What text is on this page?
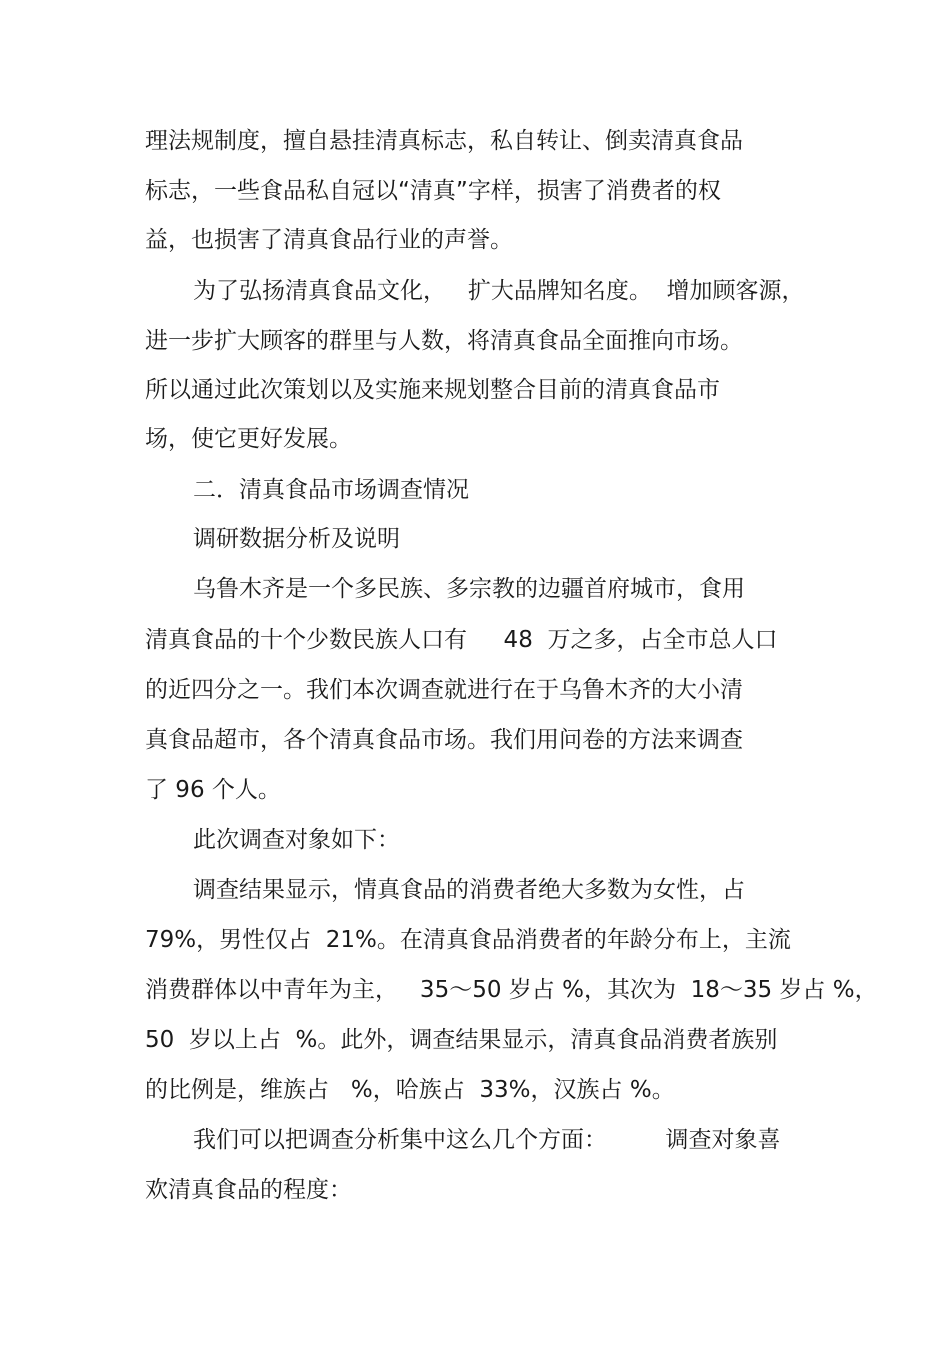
理法规制度，擅自悬挂清真标志，私自转让、倒卖清真食品
标志，一些食品私自冠以“清真”字样，损害了消费者的权
益，也损害了清真食品行业的声誉。
为了弘扬清真食品文化，   扩大品牌知名度。  增加顾客源，
进一步扩大顾客的群里与人数，将清真食品全面推向市场。
所以通过此次策划以及实施来规划整合目前的清真食品市
场，使它更好发展。
二．清真食品市场调查情况
调研数据分析及说明
乌鲁木齐是一个多民族、多宗教的边疆首府城市，食用
清真食品的十个少数民族人口有     48  万之多，占全市总人口
的近四分之一。我们本次调查就进行在于乌鲁木齐的大小清
真食品超市，各个清真食品市场。我们用问卷的方法来调查
了 96 个人。
此次调查对象如下：
调查结果显示，情真食品的消费者绝大多数为女性，占
79%，男性仅占  21%。在清真食品消费者的年龄分布上，主流
消费群体以中青年为主，   35～50 岁占 %，其次为  18～35 岁占 %，
50  岁以上占  %。此外，调查结果显示，清真食品消费者族别
的比例是，维族占   %，哈族占  33%，汉族占 %。
我们可以把调查分析集中这么几个方面：        调查对象喜
欢清真食品的程度：
